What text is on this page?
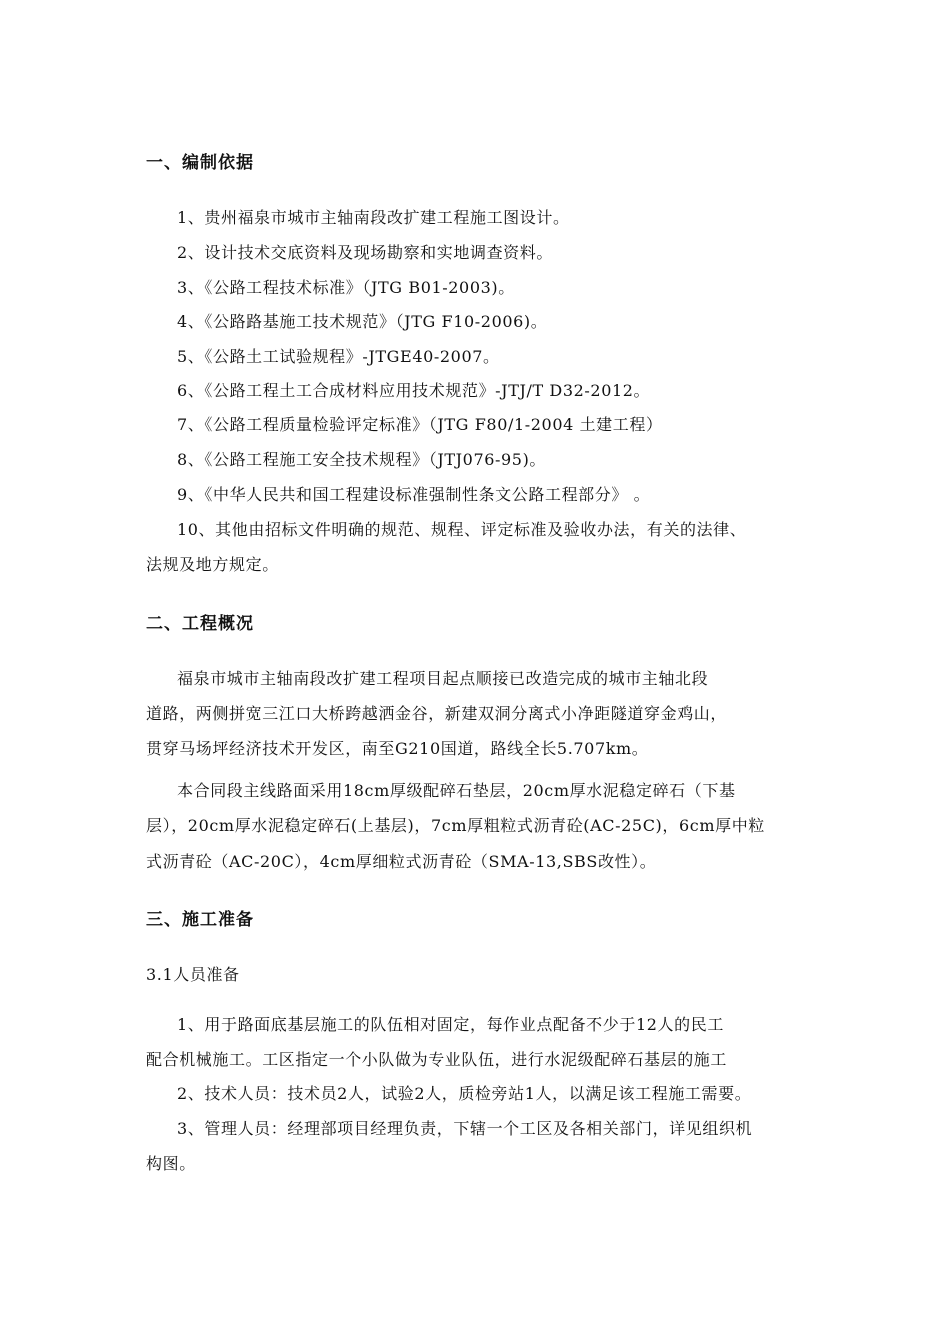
一、编制依据
1、贵州福泉市城市主轴南段改扩建工程施工图设计。
2、设计技术交底资料及现场勘察和实地调查资料。
3、《公路工程技术标准》（JTG B01-2003)。
4、《公路路基施工技术规范》（JTG F10-2006)。
5、《公路土工试验规程》-JTGE40-2007。
6、《公路工程土工合成材料应用技术规范》-JTJ/T D32-2012。
7、《公路工程质量检验评定标准》（JTG F80/1-2004 土建工程）
8、《公路工程施工安全技术规程》（JTJ076-95)。
9、《中华人民共和国工程建设标准强制性条文公路工程部分》 。
10、其他由招标文件明确的规范、规程、评定标准及验收办法，有关的法律、
法规及地方规定。
二、工程概况
福泉市城市主轴南段改扩建工程项目起点顺接已改造完成的城市主轴北段
道路，两侧拼宽三江口大桥跨越洒金谷，新建双洞分离式小净距隧道穿金鸡山，
贯穿马场坪经济技术开发区，南至G210国道，路线全长5.707km。
本合同段主线路面采用18cm厚级配碎石垫层，20cm厚水泥稳定碎石（下基
层），20cm厚水泥稳定碎石(上基层)，7cm厚粗粒式沥青砼(AC-25C)，6cm厚中粒
式沥青砼（AC-20C），4cm厚细粒式沥青砼（SMA-13,SBS改性）。
三、施工准备
3.1人员准备
1、用于路面底基层施工的队伍相对固定，每作业点配备不少于12人的民工
配合机械施工。工区指定一个小队做为专业队伍，进行水泥级配碎石基层的施工
2、技术人员：技术员2人，试验2人，质检旁站1人，以满足该工程施工需要。
3、管理人员：经理部项目经理负责，下辖一个工区及各相关部门，详见组织机
构图。
